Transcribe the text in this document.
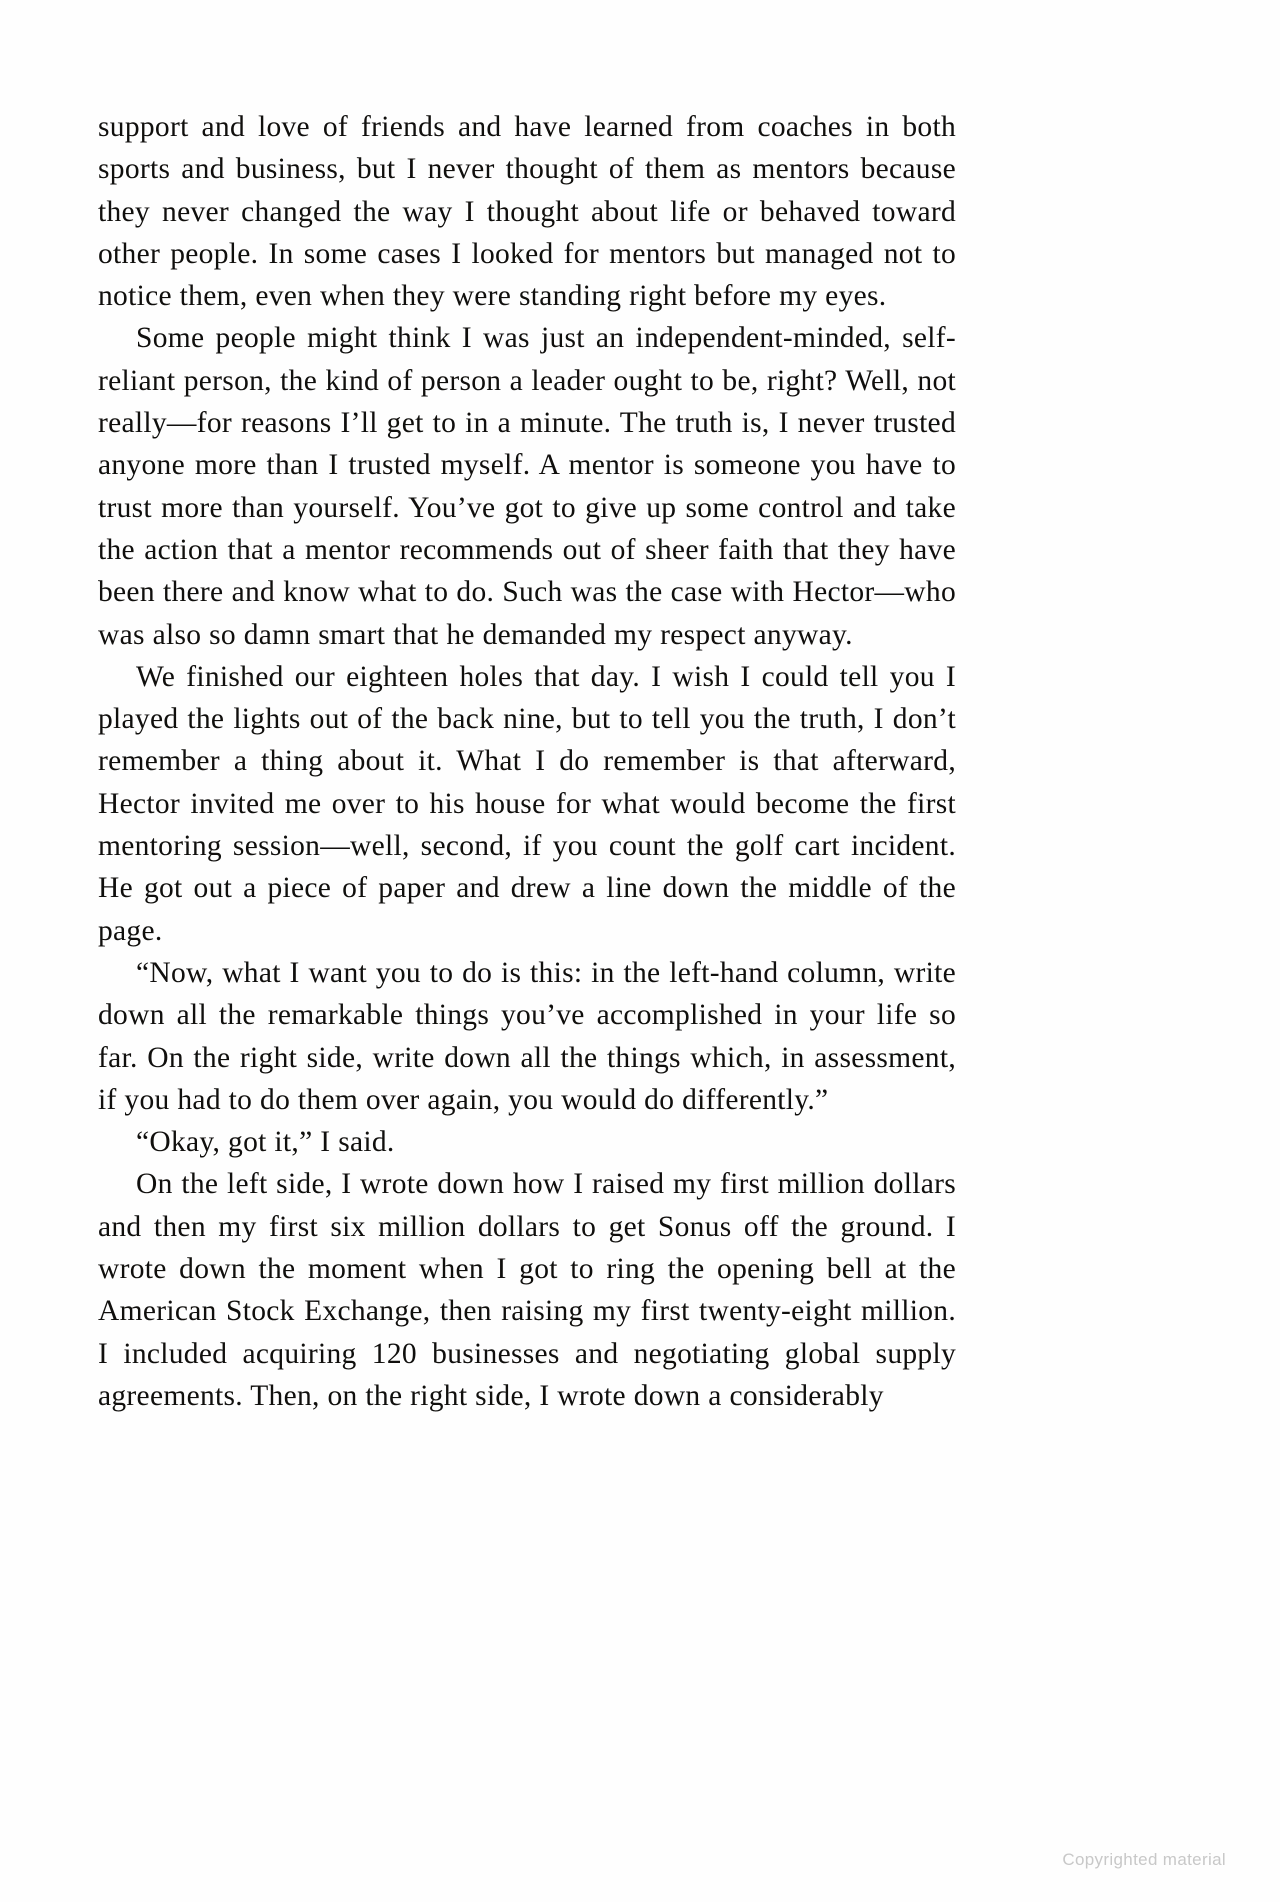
support and love of friends and have learned from coaches in both sports and business, but I never thought of them as mentors because they never changed the way I thought about life or behaved toward other people. In some cases I looked for mentors but managed not to notice them, even when they were standing right before my eyes.

Some people might think I was just an independent-minded, self-reliant person, the kind of person a leader ought to be, right? Well, not really—for reasons I’ll get to in a minute. The truth is, I never trusted anyone more than I trusted myself. A mentor is someone you have to trust more than yourself. You’ve got to give up some control and take the action that a mentor recommends out of sheer faith that they have been there and know what to do. Such was the case with Hector—who was also so damn smart that he demanded my respect anyway.

We finished our eighteen holes that day. I wish I could tell you I played the lights out of the back nine, but to tell you the truth, I don’t remember a thing about it. What I do remember is that afterward, Hector invited me over to his house for what would become the first mentoring session—well, second, if you count the golf cart incident. He got out a piece of paper and drew a line down the middle of the page.

“Now, what I want you to do is this: in the left-hand column, write down all the remarkable things you’ve accomplished in your life so far. On the right side, write down all the things which, in assessment, if you had to do them over again, you would do differently.”

“Okay, got it,” I said.

On the left side, I wrote down how I raised my first million dollars and then my first six million dollars to get Sonus off the ground. I wrote down the moment when I got to ring the opening bell at the American Stock Exchange, then raising my first twenty-eight million. I included acquiring 120 businesses and negotiating global supply agreements. Then, on the right side, I wrote down a considerably

Copyrighted material
